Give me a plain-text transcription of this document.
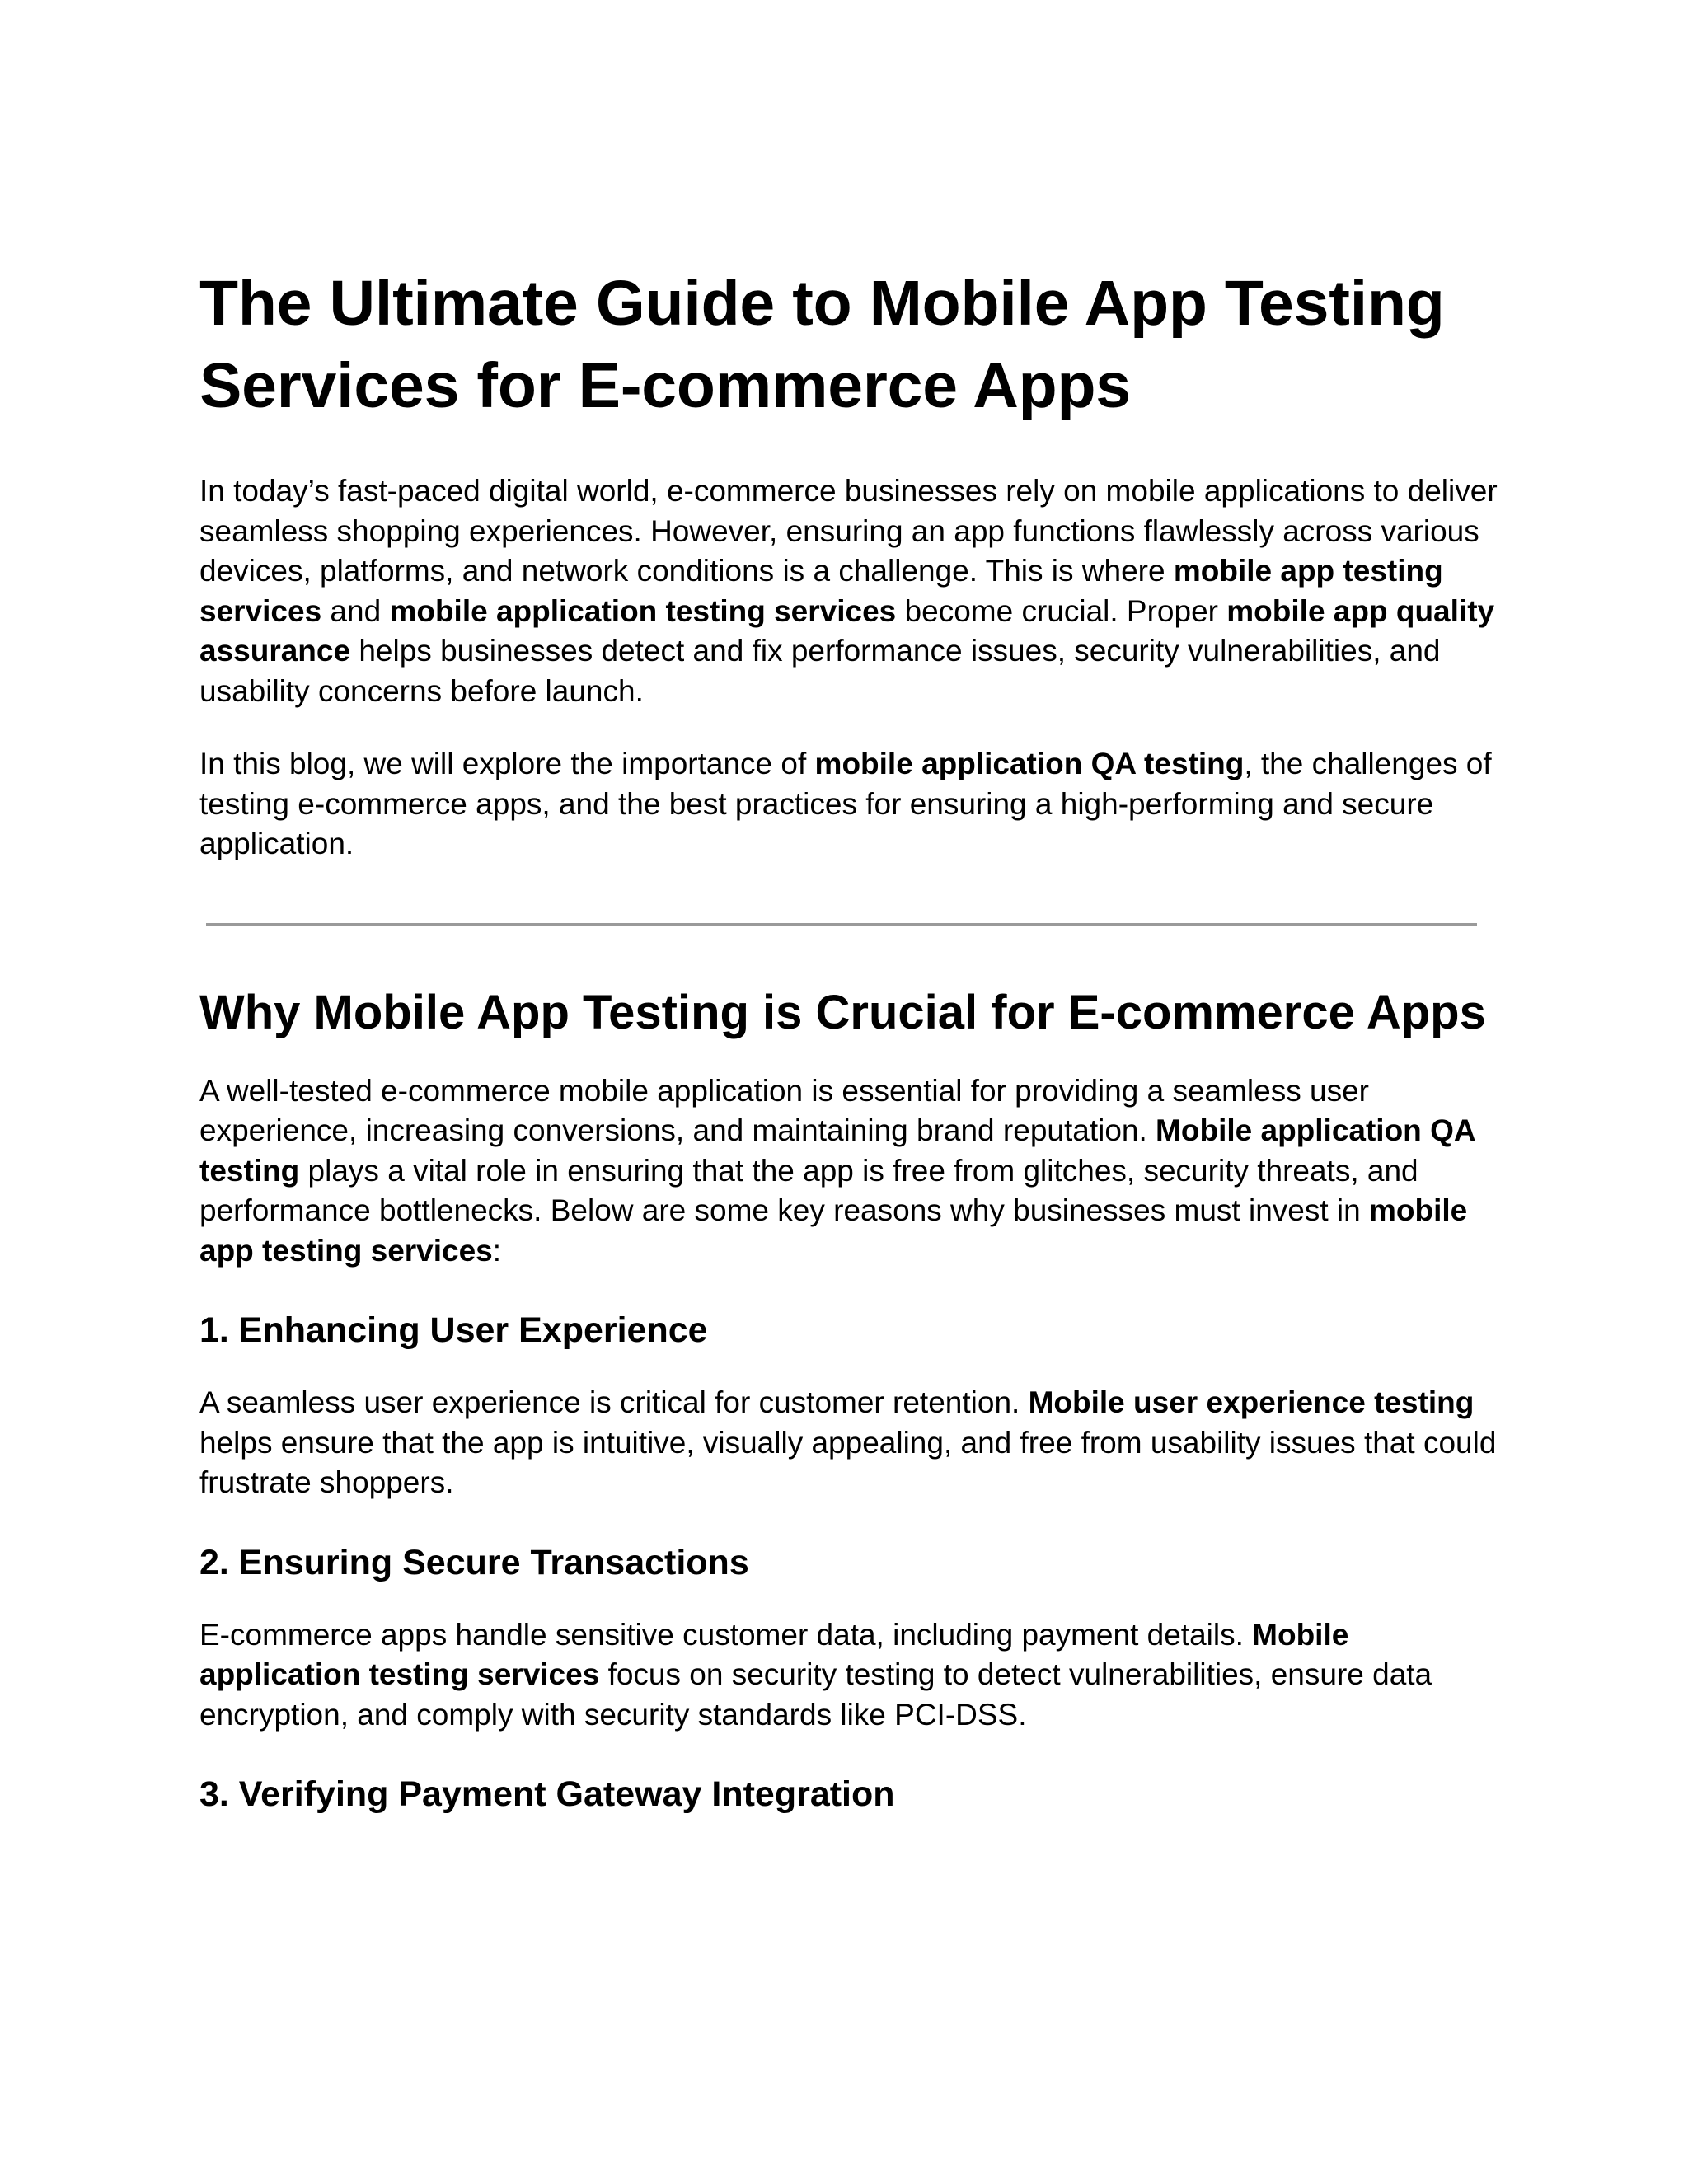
The Ultimate Guide to Mobile App Testing Services for E-commerce Apps

In today’s fast-paced digital world, e-commerce businesses rely on mobile applications to deliver seamless shopping experiences. However, ensuring an app functions flawlessly across various devices, platforms, and network conditions is a challenge. This is where mobile app testing services and mobile application testing services become crucial. Proper mobile app quality assurance helps businesses detect and fix performance issues, security vulnerabilities, and usability concerns before launch.

In this blog, we will explore the importance of mobile application QA testing, the challenges of testing e-commerce apps, and the best practices for ensuring a high-performing and secure application.

Why Mobile App Testing is Crucial for E-commerce Apps

A well-tested e-commerce mobile application is essential for providing a seamless user experience, increasing conversions, and maintaining brand reputation. Mobile application QA testing plays a vital role in ensuring that the app is free from glitches, security threats, and performance bottlenecks. Below are some key reasons why businesses must invest in mobile app testing services:

1. Enhancing User Experience

A seamless user experience is critical for customer retention. Mobile user experience testing helps ensure that the app is intuitive, visually appealing, and free from usability issues that could frustrate shoppers.

2. Ensuring Secure Transactions

E-commerce apps handle sensitive customer data, including payment details. Mobile application testing services focus on security testing to detect vulnerabilities, ensure data encryption, and comply with security standards like PCI-DSS.

3. Verifying Payment Gateway Integration
